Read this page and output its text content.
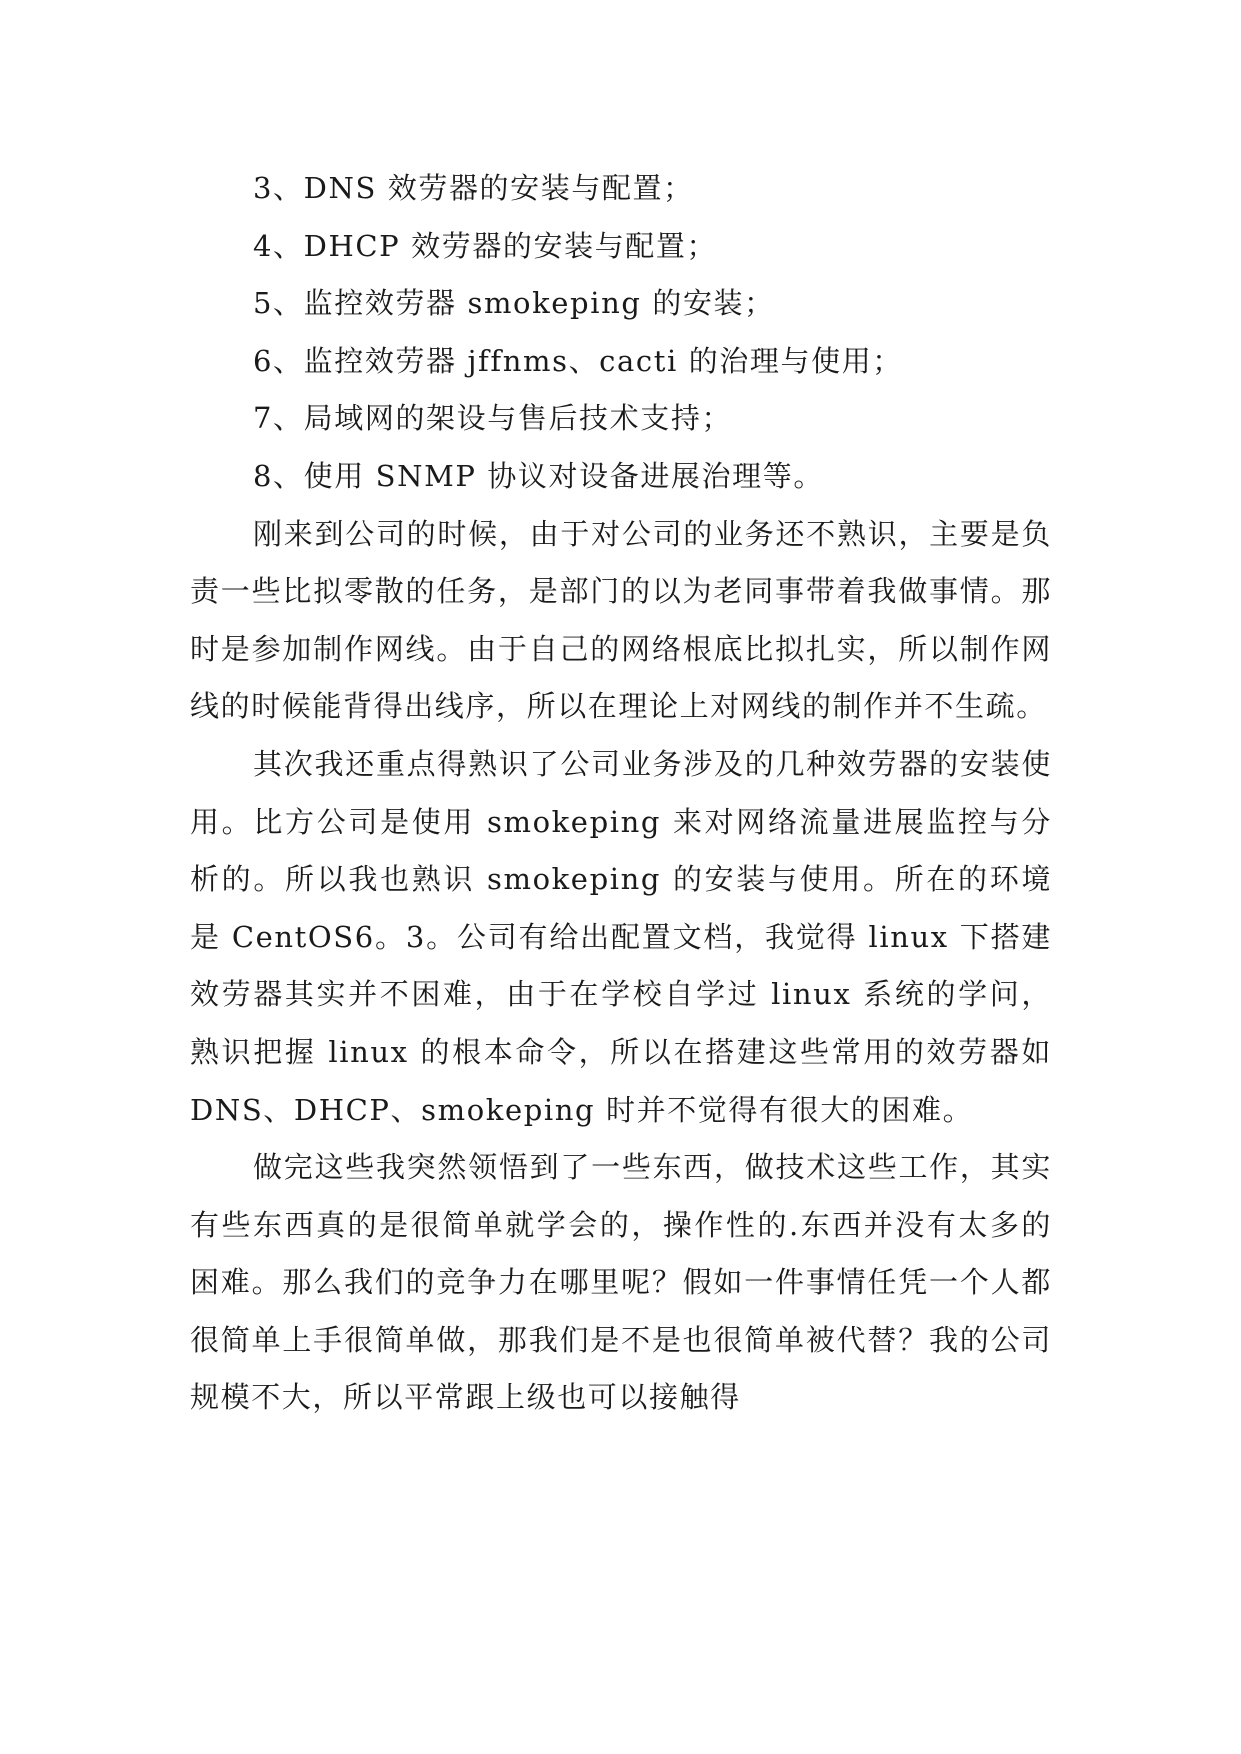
3、DNS 效劳器的安装与配置；

4、DHCP 效劳器的安装与配置；

5、监控效劳器 smokeping 的安装；

6、监控效劳器 jffnms、cacti 的治理与使用；

7、局域网的架设与售后技术支持；

8、使用 SNMP 协议对设备进展治理等。

刚来到公司的时候，由于对公司的业务还不熟识，主要是负责一些比拟零散的任务，是部门的以为老同事带着我做事情。那时是参加制作网线。由于自己的网络根底比拟扎实，所以制作网线的时候能背得出线序，所以在理论上对网线的制作并不生疏。

其次我还重点得熟识了公司业务涉及的几种效劳器的安装使用。比方公司是使用 smokeping 来对网络流量进展监控与分析的。所以我也熟识 smokeping 的安装与使用。所在的环境是 CentOS6。3。公司有给出配置文档，我觉得 linux 下搭建效劳器其实并不困难，由于在学校自学过 linux 系统的学问，熟识把握 linux 的根本命令，所以在搭建这些常用的效劳器如 DNS、DHCP、smokeping 时并不觉得有很大的困难。

做完这些我突然领悟到了一些东西，做技术这些工作，其实有些东西真的是很简单就学会的，操作性的.东西并没有太多的困难。那么我们的竞争力在哪里呢？假如一件事情任凭一个人都很简单上手很简单做，那我们是不是也很简单被代替？我的公司规模不大，所以平常跟上级也可以接触得
